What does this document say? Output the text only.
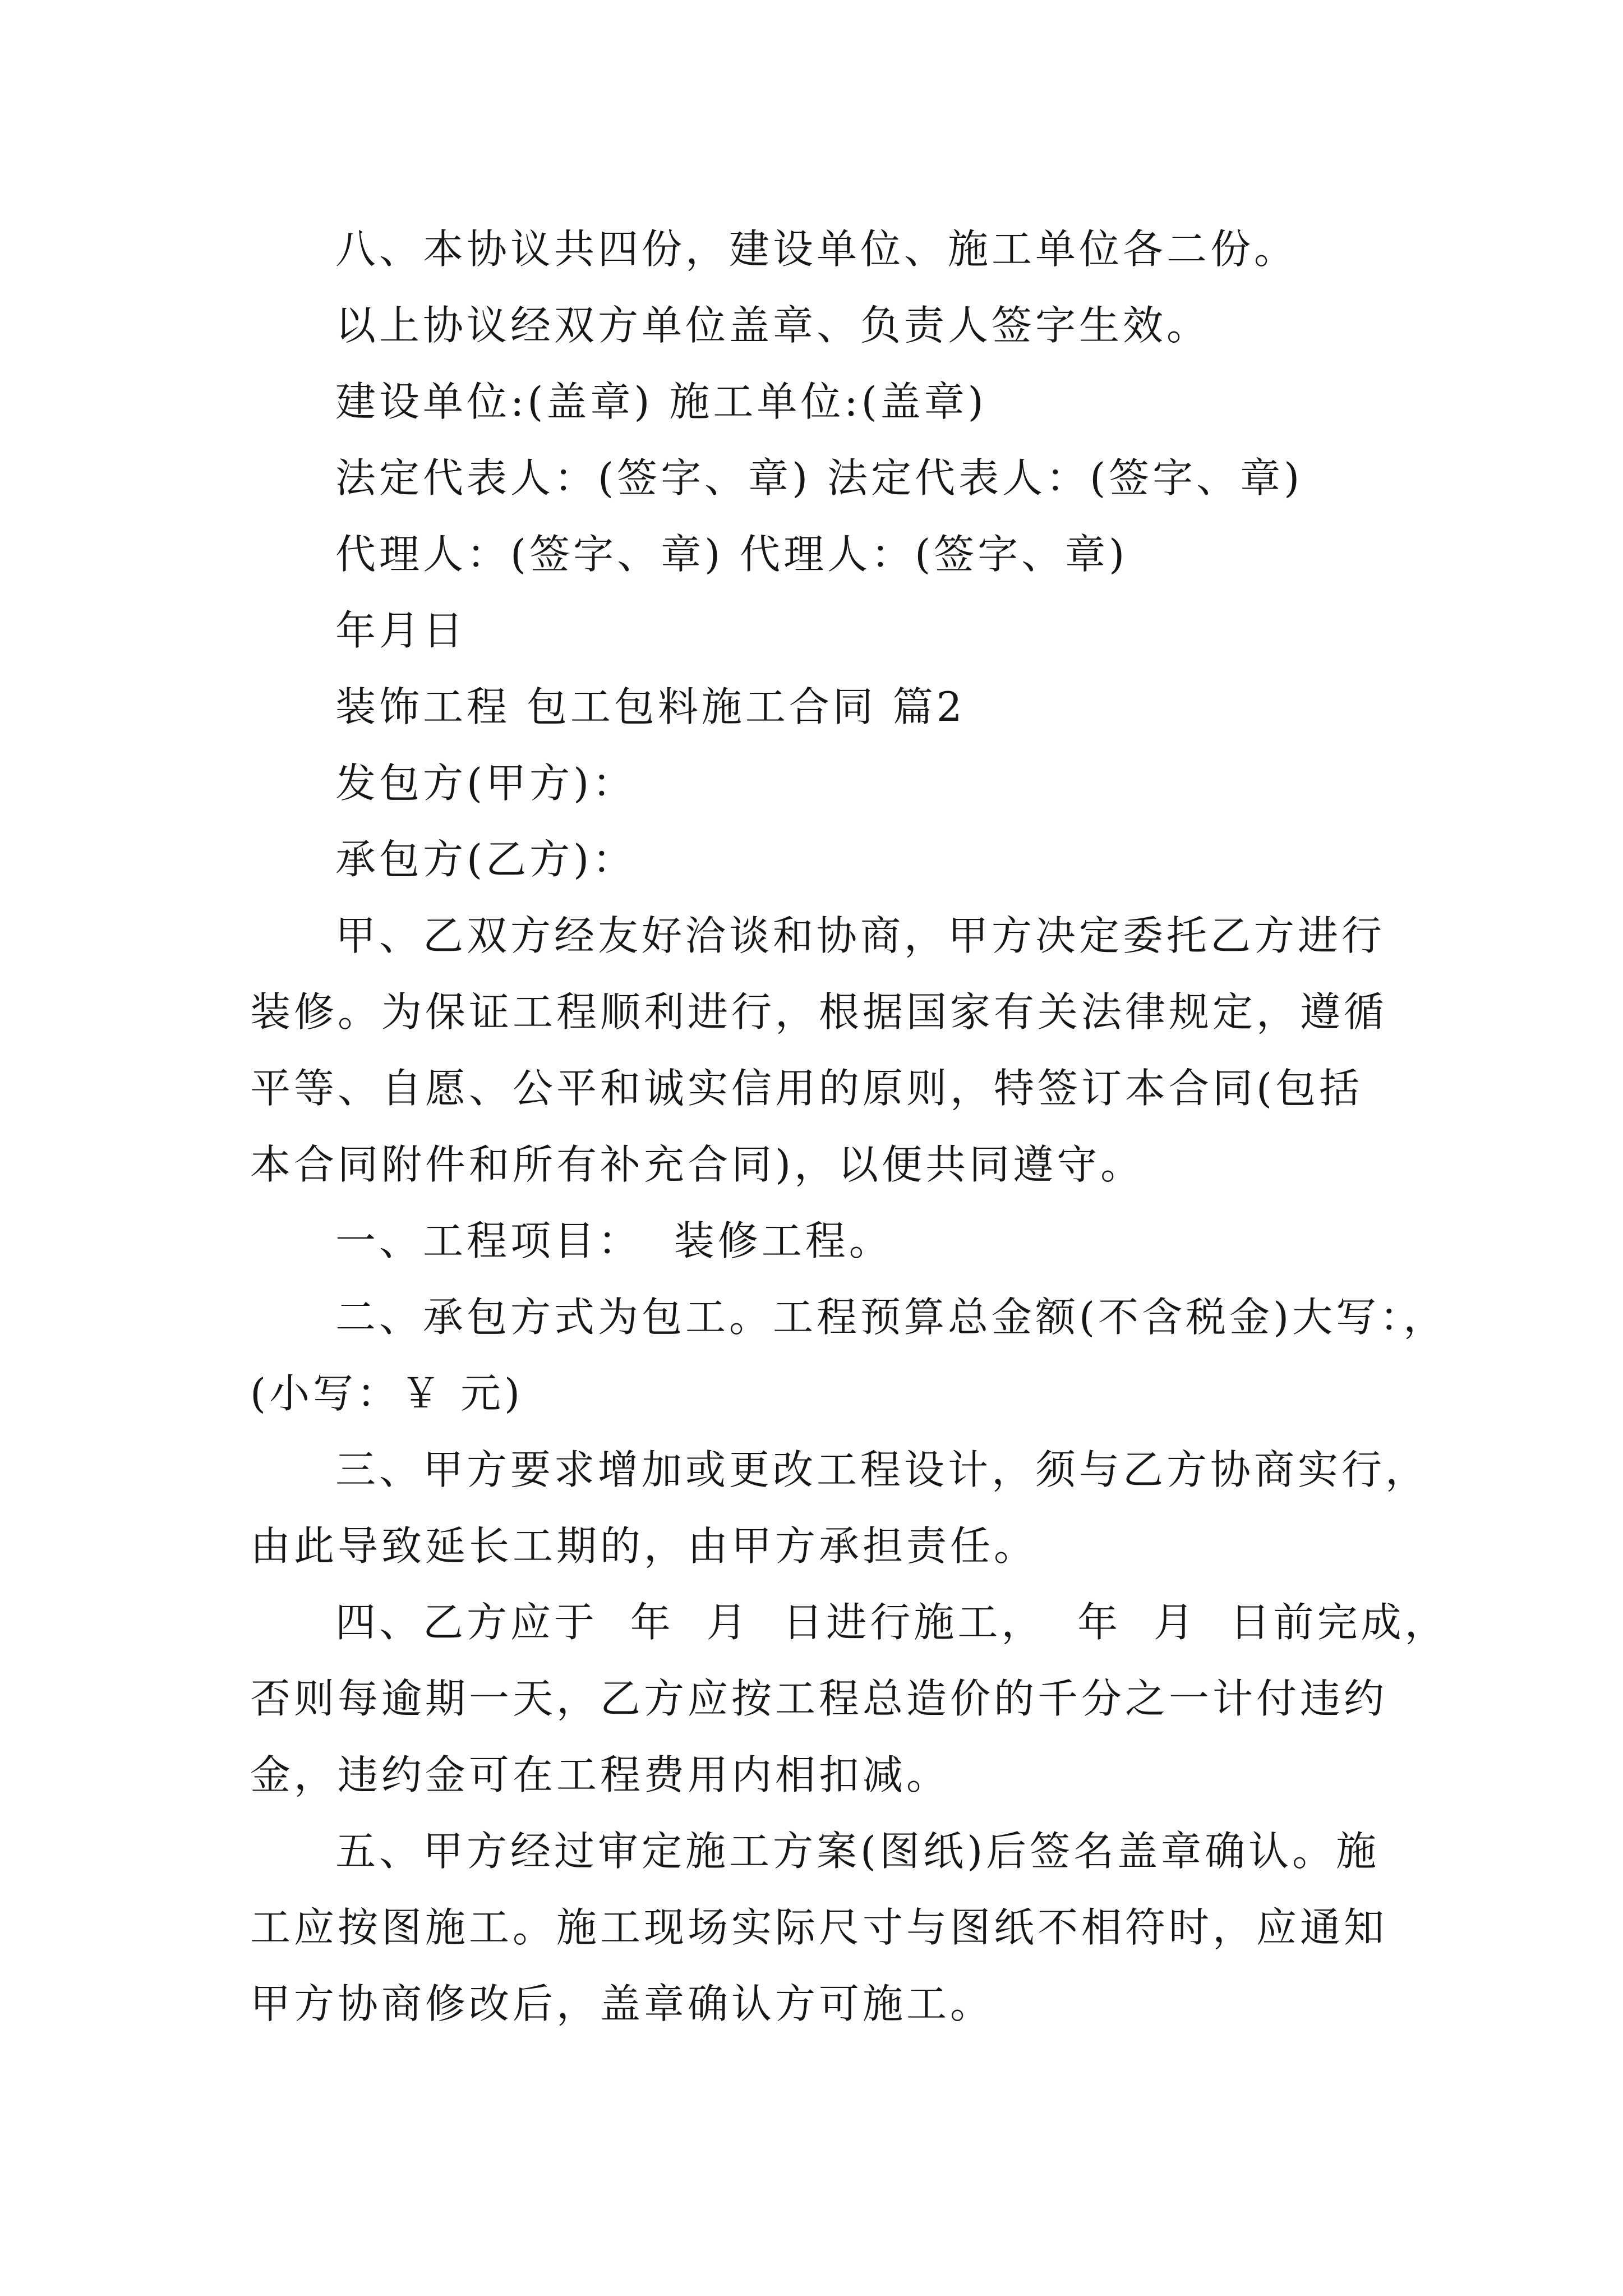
八、本协议共四份，建设单位、施工单位各二份。
以上协议经双方单位盖章、负责人签字生效。
建设单位:(盖章) 施工单位:(盖章)
法定代表人：(签字、章) 法定代表人：(签字、章)
代理人：(签字、章) 代理人：(签字、章)
年月日
装饰工程 包工包料施工合同 篇2
发包方(甲方)：
承包方(乙方)：
甲、乙双方经友好洽谈和协商，甲方决定委托乙方进行
装修。为保证工程顺利进行，根据国家有关法律规定，遵循
平等、自愿、公平和诚实信用的原则，特签订本合同(包括
本合同附件和所有补充合同)，以便共同遵守。
一、工程项目：  装修工程。
二、承包方式为包工。工程预算总金额(不含税金)大写：，
(小写：￥ 元)
三、甲方要求增加或更改工程设计，须与乙方协商实行，
由此导致延长工期的，由甲方承担责任。
四、乙方应于  年  月  日进行施工，  年  月  日前完成，
否则每逾期一天，乙方应按工程总造价的千分之一计付违约
金，违约金可在工程费用内相扣减。
五、甲方经过审定施工方案(图纸)后签名盖章确认。施
工应按图施工。施工现场实际尺寸与图纸不相符时，应通知
甲方协商修改后，盖章确认方可施工。
